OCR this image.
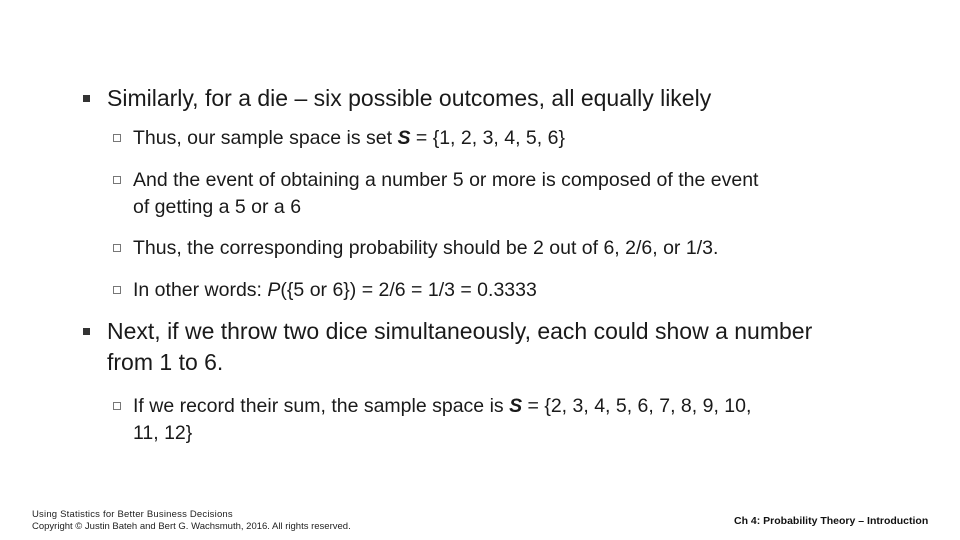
Similarly, for a die – six possible outcomes, all equally likely
Thus, our sample space is set S = {1, 2, 3, 4, 5, 6}
And the event of obtaining a number 5 or more is composed of the event
of getting a 5 or a 6
Thus, the corresponding probability should be 2 out of 6, 2/6, or 1/3.
In other words: P({5 or 6}) = 2/6 = 1/3 = 0.3333
Next, if we throw two dice simultaneously, each could show a number
from 1 to 6.
If we record their sum, the sample space is S = {2, 3, 4, 5, 6, 7, 8, 9, 10,
11, 12}
Using Statistics for Better Business Decisions
Copyright © Justin Bateh and Bert G. Wachsmuth, 2016. All rights reserved.	Ch 4: Probability Theory – Introduction
